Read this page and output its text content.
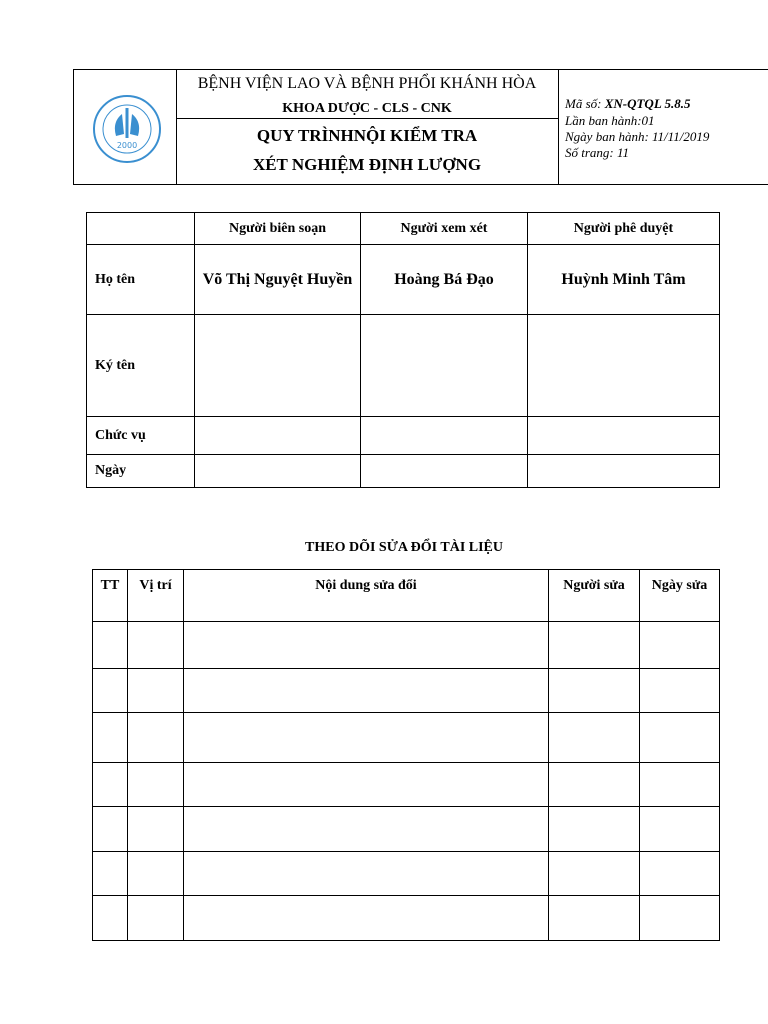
2000
BỆNH VIỆN LAO VÀ BỆNH PHỔI KHÁNH HÒA
KHOA DƯỢC - CLS - CNK
QUY TRÌNHNỘI KIỂM TRA
XÉT NGHIỆM ĐỊNH LƯỢNG
Mã số: XN-QTQL 5.8.5
Lần ban hành:01
Ngày ban hành: 11/11/2019
Số trang: 11
	Người biên soạn	Người xem xét	Người phê duyệt
Họ tên	Võ Thị Nguyệt Huyền	Hoàng Bá Đạo	Huỳnh Minh Tâm
Ký tên			
Chức vụ			
Ngày			
THEO DÕI SỬA ĐỔI TÀI LIỆU
TT	Vị trí	Nội dung sửa đổi	Người sửa	Ngày sửa
